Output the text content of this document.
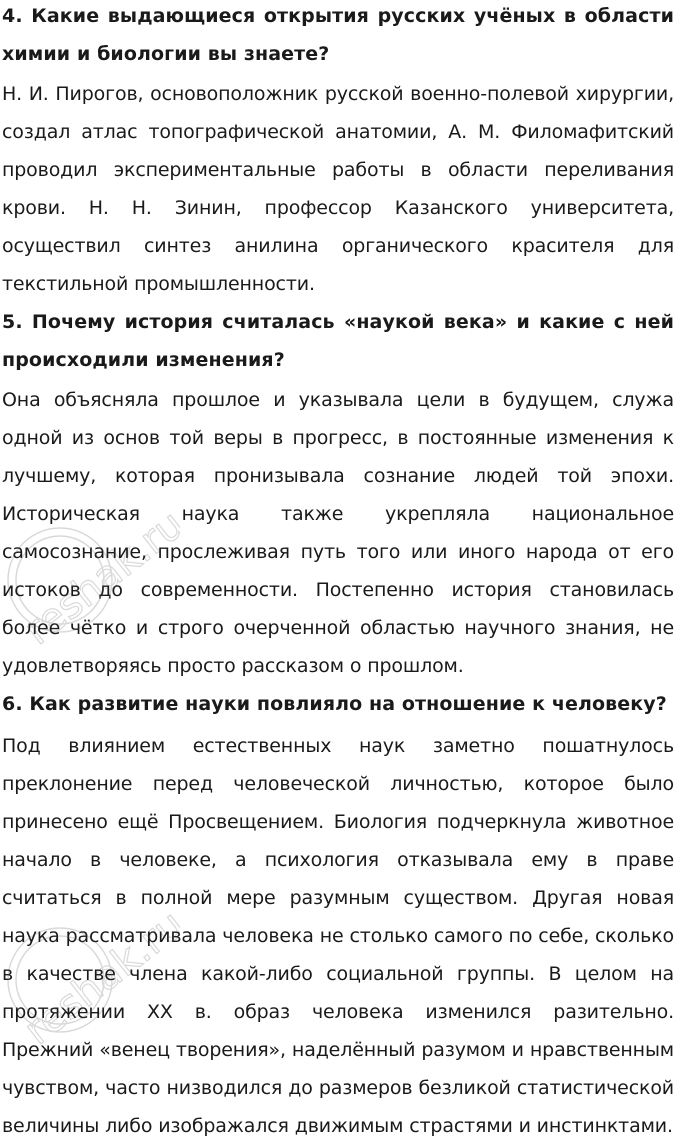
4. Какие выдающиеся открытия русских учёных в области химии и биологии вы знаете?

Н. И. Пирогов, основоположник русской военно-полевой хирургии, создал атлас топографической анатомии, А. М. Филомафитский проводил экспериментальные работы в области переливания крови. Н. Н. Зинин, профессор Казанского университета, осуществил синтез анилина органического красителя для текстильной промышленности.

5. Почему история считалась «наукой века» и какие с ней происходили изменения?

Она объясняла прошлое и указывала цели в будущем, служа одной из основ той веры в прогресс, в постоянные изменения к лучшему, которая пронизывала сознание людей той эпохи. Историческая наука также укрепляла национальное самосознание, прослеживая путь того или иного народа от его истоков до современности. Постепенно история становилась более чётко и строго очерченной областью научного знания, не удовлетворяясь просто рассказом о прошлом.

6. Как развитие науки повлияло на отношение к человеку?

Под влиянием естественных наук заметно пошатнулось преклонение перед человеческой личностью, которое было принесено ещё Просвещением. Биология подчеркнула животное начало в человеке, а психология отказывала ему в праве считаться в полной мере разумным существом. Другая новая наука рассматривала человека не столько самого по себе, сколько в качестве члена какой-либо социальной группы. В целом на протяжении XX в. образ человека изменился разительно. Прежний «венец творения», наделённый разумом и нравственным чувством, часто низводился до размеров безликой статистической величины либо изображался движимым страстями и инстинктами.

reshak.ru
reshak.ru
